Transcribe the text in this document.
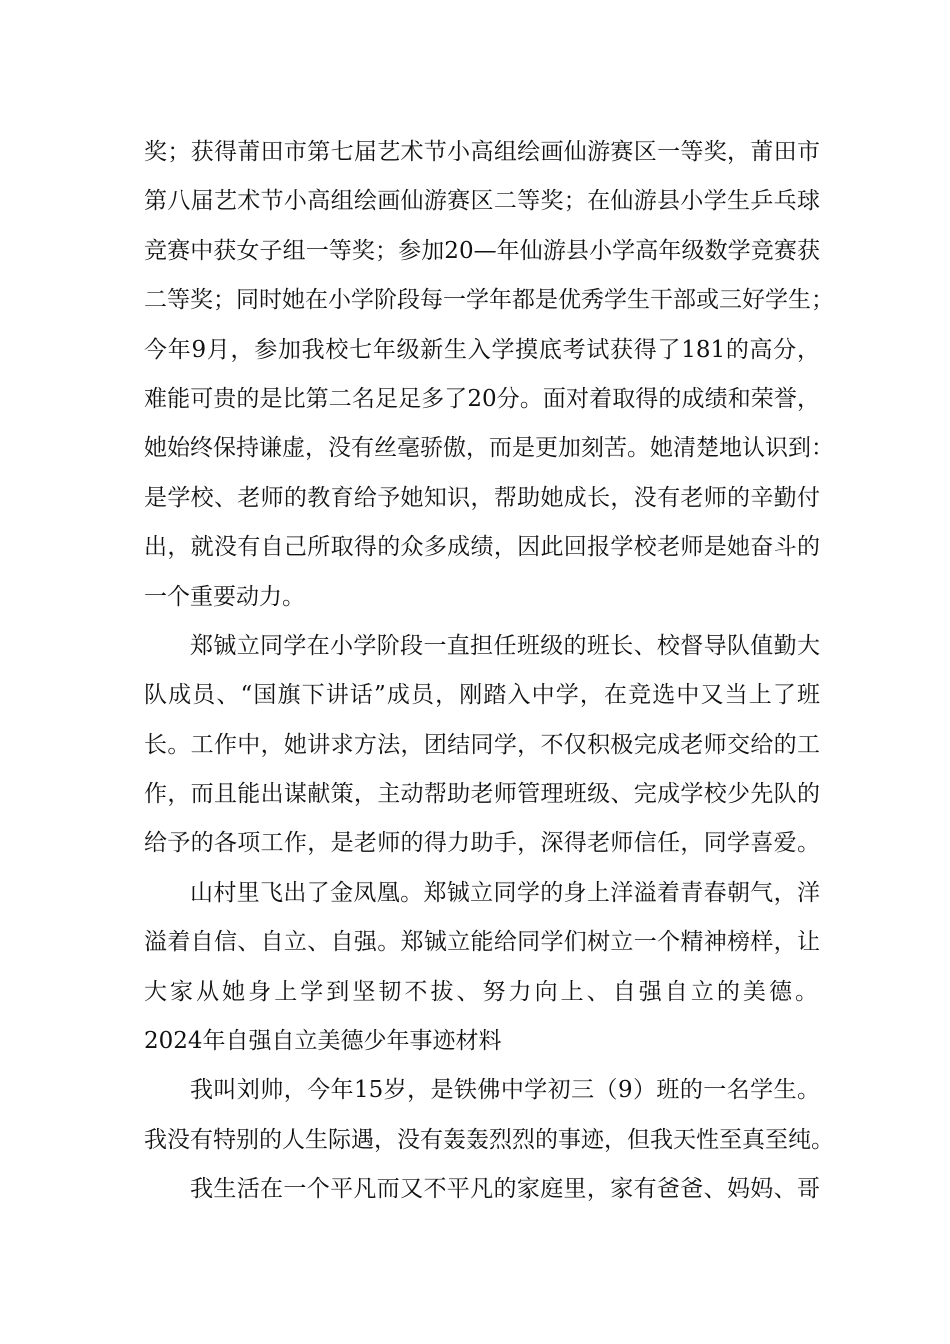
奖；获得莆田市第七届艺术节小高组绘画仙游赛区一等奖，莆田市
第八届艺术节小高组绘画仙游赛区二等奖；在仙游县小学生乒乓球
竞赛中获女子组一等奖；参加20—年仙游县小学高年级数学竞赛获
二等奖；同时她在小学阶段每一学年都是优秀学生干部或三好学生；
今年9月，参加我校七年级新生入学摸底考试获得了181的高分，
难能可贵的是比第二名足足多了20分。面对着取得的成绩和荣誉，
她始终保持谦虚，没有丝毫骄傲，而是更加刻苦。她清楚地认识到：
是学校、老师的教育给予她知识，帮助她成长，没有老师的辛勤付
出，就没有自己所取得的众多成绩，因此回报学校老师是她奋斗的
一个重要动力。
郑铖立同学在小学阶段一直担任班级的班长、校督导队值勤大
队成员、“国旗下讲话”成员，刚踏入中学，在竞选中又当上了班
长。工作中，她讲求方法，团结同学，不仅积极完成老师交给的工
作，而且能出谋献策，主动帮助老师管理班级、完成学校少先队的
给予的各项工作，是老师的得力助手，深得老师信任，同学喜爱。
山村里飞出了金凤凰。郑铖立同学的身上洋溢着青春朝气，洋
溢着自信、自立、自强。郑铖立能给同学们树立一个精神榜样，让
大家从她身上学到坚韧不拔、努力向上、自强自立的美德。
2024年自强自立美德少年事迹材料
我叫刘帅，今年15岁，是铁佛中学初三（9）班的一名学生。
我没有特别的人生际遇，没有轰轰烈烈的事迹，但我天性至真至纯。
我生活在一个平凡而又不平凡的家庭里，家有爸爸、妈妈、哥
